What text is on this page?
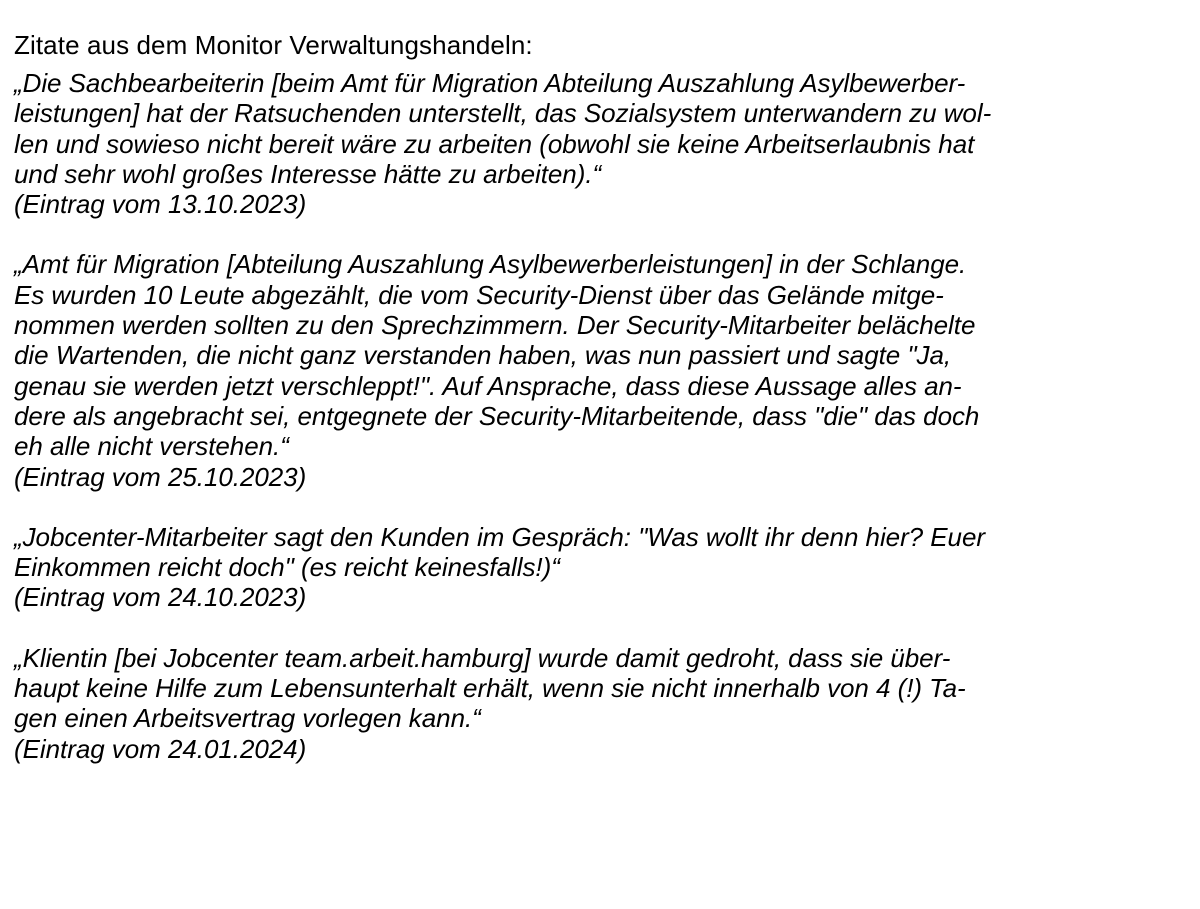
Zitate aus dem Monitor Verwaltungshandeln:
„Die Sachbearbeiterin [beim Amt für Migration Abteilung Auszahlung Asylbewerber-
leistungen] hat der Ratsuchenden unterstellt, das Sozialsystem unterwandern zu wol-
len und sowieso nicht bereit wäre zu arbeiten (obwohl sie keine Arbeitserlaubnis hat
und sehr wohl großes Interesse hätte zu arbeiten).“
(Eintrag vom 13.10.2023)
„Amt für Migration [Abteilung Auszahlung Asylbewerberleistungen] in der Schlange.
Es wurden 10 Leute abgezählt, die vom Security-Dienst über das Gelände mitge-
nommen werden sollten zu den Sprechzimmern. Der Security-Mitarbeiter belächelte
die Wartenden, die nicht ganz verstanden haben, was nun passiert und sagte "Ja,
genau sie werden jetzt verschleppt!". Auf Ansprache, dass diese Aussage alles an-
dere als angebracht sei, entgegnete der Security-Mitarbeitende, dass "die" das doch
eh alle nicht verstehen.“
(Eintrag vom 25.10.2023)
„Jobcenter-Mitarbeiter sagt den Kunden im Gespräch: "Was wollt ihr denn hier? Euer
Einkommen reicht doch" (es reicht keinesfalls!)“
(Eintrag vom 24.10.2023)
„Klientin [bei Jobcenter team.arbeit.hamburg] wurde damit gedroht, dass sie über-
haupt keine Hilfe zum Lebensunterhalt erhält, wenn sie nicht innerhalb von 4 (!) Ta-
gen einen Arbeitsvertrag vorlegen kann.“
(Eintrag vom 24.01.2024)
